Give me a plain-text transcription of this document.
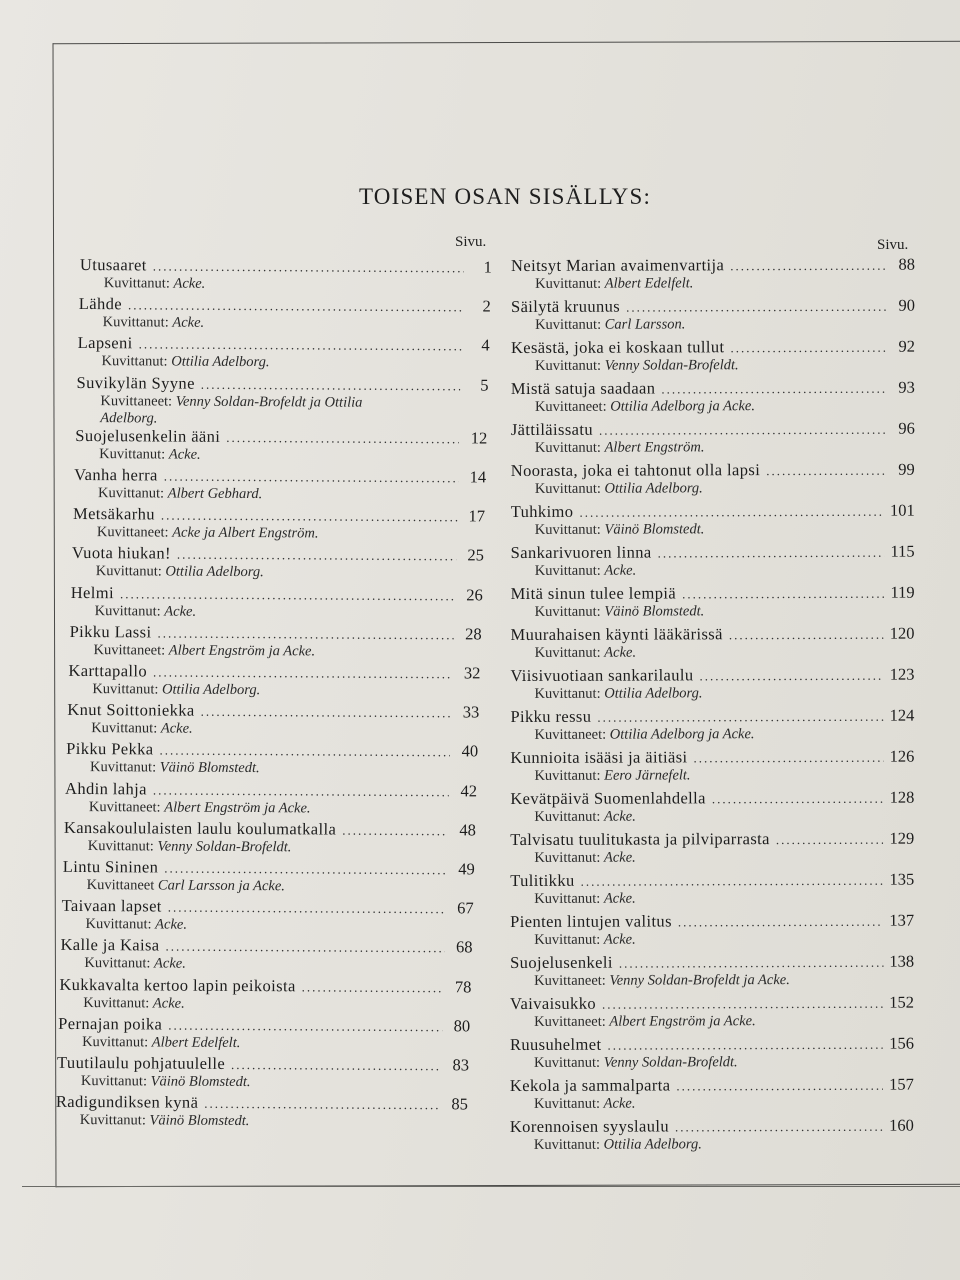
TOISEN OSAN SISÄLLYS:
Sivu.	Sivu.
Utusaaret .....	1
Kuvittanut: Acke.
Lähde .....	2
Kuvittanut: Acke.
Lapseni .....	4
Kuvittanut: Ottilia Adelborg.
Suvikylän Syyne .....	5
Kuvittaneet: Venny Soldan-Brofeldt ja Ottilia Adelborg.
Suojelusenkelin ääni .....	12
Kuvittanut: Acke.
Vanha herra .....	14
Kuvittanut: Albert Gebhard.
Metsäkarhu .....	17
Kuvittaneet: Acke ja Albert Engström.
Vuota hiukan! .....	25
Kuvittanut: Ottilia Adelborg.
Helmi .....	26
Kuvittanut: Acke.
Pikku Lassi .....	28
Kuvittaneet: Albert Engström ja Acke.
Karttapallo .....	32
Kuvittanut: Ottilia Adelborg.
Knut Soittoniekka .....	33
Kuvittanut: Acke.
Pikku Pekka .....	40
Kuvittanut: Väinö Blomstedt.
Ahdin lahja .....	42
Kuvittaneet: Albert Engström ja Acke.
Kansakoululaisten laulu koulumatkalla .....	48
Kuvittanut: Venny Soldan-Brofeldt.
Lintu Sininen .....	49
Kuvittaneet Carl Larsson ja Acke.
Taivaan lapset .....	67
Kuvittanut: Acke.
Kalle ja Kaisa .....	68
Kuvittanut: Acke.
Kukkavalta kertoo lapin peikoista .....	78
Kuvittanut: Acke.
Pernajan poika .....	80
Kuvittanut: Albert Edelfelt.
Tuutilaulu pohjatuulelle .....	83
Kuvittanut: Väinö Blomstedt.
Radigundiksen kynä .....	85
Kuvittanut: Väinö Blomstedt.
Neitsyt Marian avaimenvartija .....	88
Kuvittanut: Albert Edelfelt.
Säilytä kruunus .....	90
Kuvittanut: Carl Larsson.
Kesästä, joka ei koskaan tullut .....	92
Kuvittanut: Venny Soldan-Brofeldt.
Mistä satuja saadaan .....	93
Kuvittaneet: Ottilia Adelborg ja Acke.
Jättiläissatu .....	96
Kuvittanut: Albert Engström.
Noorasta, joka ei tahtonut olla lapsi .....	99
Kuvittanut: Ottilia Adelborg.
Tuhkimo .....	101
Kuvittanut: Väinö Blomstedt.
Sankarivuoren linna .....	115
Kuvittanut: Acke.
Mitä sinun tulee lempiä .....	119
Kuvittanut: Väinö Blomstedt.
Muurahaisen käynti lääkärissä .....	120
Kuvittanut: Acke.
Viisivuotiaan sankarilaulu .....	123
Kuvittanut: Ottilia Adelborg.
Pikku ressu .....	124
Kuvittaneet: Ottilia Adelborg ja Acke.
Kunnioita isääsi ja äitiäsi .....	126
Kuvittanut: Eero Järnefelt.
Kevätpäivä Suomenlahdella .....	128
Kuvittanut: Acke.
Talvisatu tuulitukasta ja pilviparrasta .....	129
Kuvittanut: Acke.
Tulitikku .....	135
Kuvittanut: Acke.
Pienten lintujen valitus .....	137
Kuvittanut: Acke.
Suojelusenkeli .....	138
Kuvittaneet: Venny Soldan-Brofeldt ja Acke.
Vaivaisukko .....	152
Kuvittaneet: Albert Engström ja Acke.
Ruusuhelmet .....	156
Kuvittanut: Venny Soldan-Brofeldt.
Kekola ja sammalparta .....	157
Kuvittanut: Acke.
Korennoisen syyslaulu .....	160
Kuvittanut: Ottilia Adelborg.
